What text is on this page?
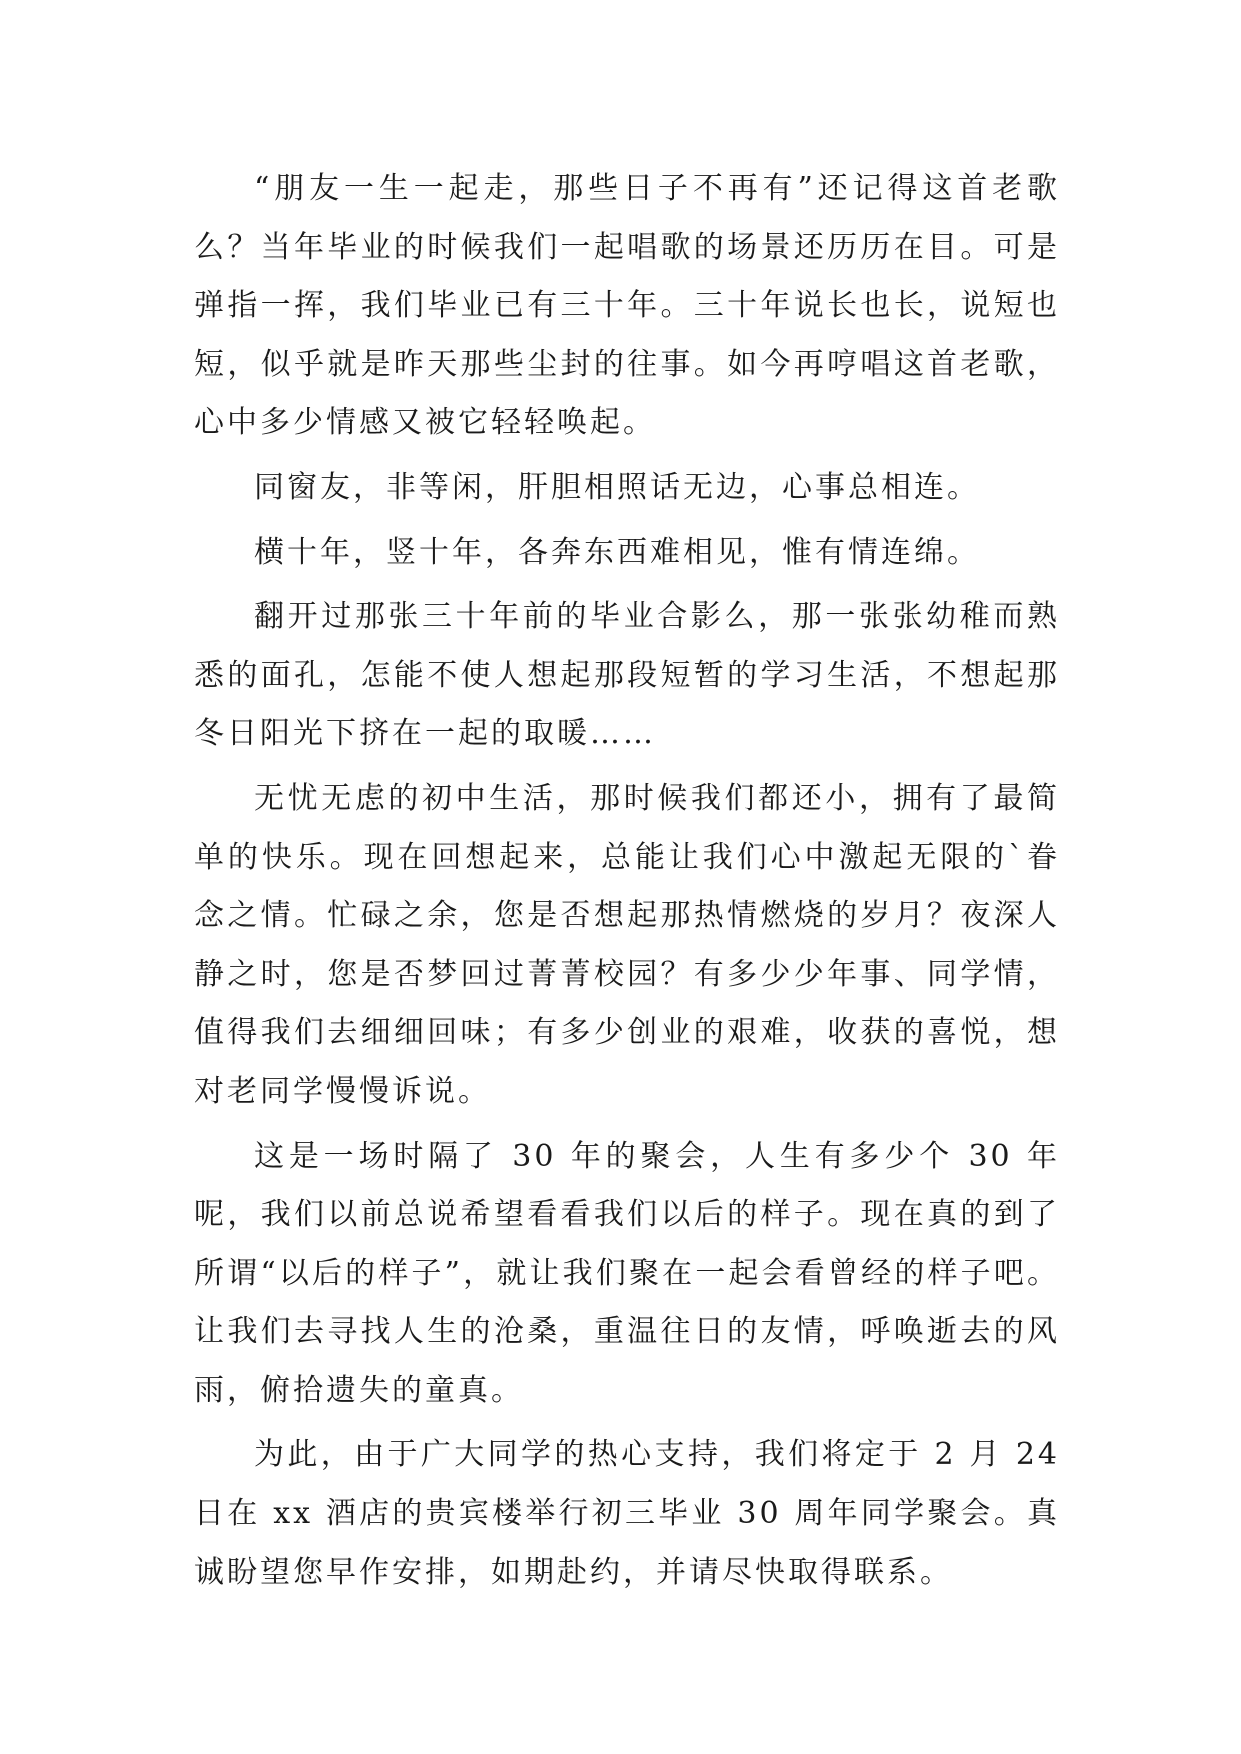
“朋友一生一起走，那些日子不再有”还记得这首老歌么？当年毕业的时候我们一起唱歌的场景还历历在目。可是弹指一挥，我们毕业已有三十年。三十年说长也长，说短也短，似乎就是昨天那些尘封的往事。如今再哼唱这首老歌，心中多少情感又被它轻轻唤起。

同窗友，非等闲，肝胆相照话无边，心事总相连。

横十年，竖十年，各奔东西难相见，惟有情连绵。

翻开过那张三十年前的毕业合影么，那一张张幼稚而熟悉的面孔，怎能不使人想起那段短暂的学习生活，不想起那冬日阳光下挤在一起的取暖……

无忧无虑的初中生活，那时候我们都还小，拥有了最简单的快乐。现在回想起来，总能让我们心中激起无限的`眷念之情。忙碌之余，您是否想起那热情燃烧的岁月？夜深人静之时，您是否梦回过菁菁校园？有多少少年事、同学情，值得我们去细细回味；有多少创业的艰难，收获的喜悦，想对老同学慢慢诉说。

这是一场时隔了 30 年的聚会，人生有多少个 30 年呢，我们以前总说希望看看我们以后的样子。现在真的到了所谓“以后的样子”，就让我们聚在一起会看曾经的样子吧。让我们去寻找人生的沧桑，重温往日的友情，呼唤逝去的风雨，俯拾遗失的童真。

为此，由于广大同学的热心支持，我们将定于 2 月 24 日在 xx 酒店的贵宾楼举行初三毕业 30 周年同学聚会。真诚盼望您早作安排，如期赴约，并请尽快取得联系。
